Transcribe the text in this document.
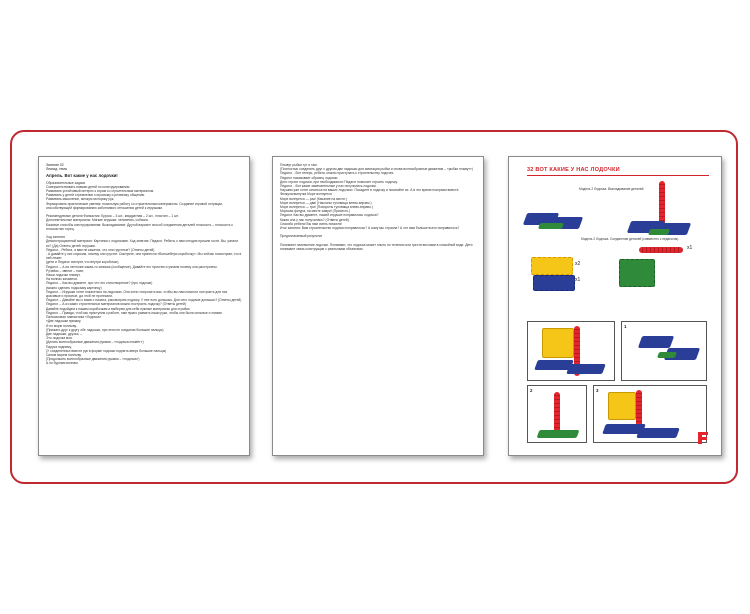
Занятие 02
Лексид. тема
Апрель. Вот какие у нас лодочки!
Образовательные задачи
Совершенствовать навыки детей по конструированию.
Развивать устойчивый интерес к играм со строительным материалом.
Развивать у детей стремление к игровому и речевому общению.
Развивать мышление, мелкую моторику рук.
Формировать практические умения: посильную работу со строительным материалом. Создание игровой ситуации, способствующей формированию заботливого отношения детей к игрушкам.

Рекомендуемые детали Фанкастик: Брусок – 3 шт., квадратная – 2 шт., пластин – 1 шт.
Дополнительные материалы: Мягкие игрушки: человечек, собачка.
Базовые способы конструирования: Выкладывание. Другой вариант способ соединения деталей плоскость – плоскость к плоскостью торец.

Ход занятия
Демонстрационный материал: Картинки с лодочками. Ход занятия. Педагог. Ребята, к нам сегодня пришли гости. Вы, узнали их? (Да) Ответы детей: игрушки.
Педагог. - Ребята, а вам не кажется, что они грустные? (Ответы детей)
- А давайте у них спросим, почему они грустят. Смотрите, они принесли «Волшебную коробочку». Мы сейчас посмотрим, что в ней лежит.
(дети и Педагог смотрят, что внутри коробочки)
Педагог. – А на ленточке какая-то записка (сообщение). Давайте его прочтем и узнаем почему они расстроены.
Ручейки – звенят – поют,
Наши лодочки плывут,
На волнах качаются.
Педагог. – Как вы думаете, про что это стихотворение? (про лодочки)
(можно сделать подсказку картинку)
Педагог. – Игрушки хотят покататься на лодочках. Они хотят попросить вас, чтобы вы нам помогли построить для них красивые и прочные, да чтоб не протекали.
Педагог. – Давайте мы с вами с начала, рассмотрим лодочку. У нее есть донышко. Для чего лодочке донышко? (Ответы детей)
Педагог. – А из каких строительных материалов можно построить лодочку? (Ответы детей)
Давайте подойдем к нашим коробочкам и выберем для себя нужные материалы для стройки.
Педагог. – Правда, чтоб мы приступим к работе, нам нужно размять наши руки, чтобы они были сильные и ловкие.
Пальчиковая гимнастика «Лодочка»
«Две ладошки прижму,
И по морю поплыву.
(Прижать друг к другу обе ладошки, при этом не соединяя большие пальцы)
Две ладошки, друзья, –
Это лодочка моя.
(Делать волнообразные движения руками – «лодочка плывёт»)
Паруса подниму,
(У соединенных вместе рук в форме лодочки поднять вверх большие пальцы)
Синим морем поплыву.
(Продолжить волнообразные движения руками – «лодочка»)
А по бурным волнам
Плывут рыбки тут и там.
(Полностью соединить друг с другом две ладошки для имитации рыбки и снова волнообразные движения – «рыбки плывут»)
Педагог. - Вот теперь, ребята, можно приступать к строительству лодочек.
Педагог показывает образец лодочки.
Дети строят лодочки, при необходимости Педагог помогает строить лодочку.
Педагог. - Вот какие замечательные у нас получились лодочки.
Наушим уже хотят кататься на ваших лодочках. Посадите в лодочку и покатайте их. А в это время поиграем вместе.
Физкультминутка Море волнуется
Море волнуется — раз! (Качание на месте.)
Море волнуется — два! (Наклоны туловища влево-вправо.)
Море волнуется — три! (Повороты туловища влево-вправо.)
Морская фигура, на месте замри! (Присесть.)
Педагог. Как вы думаете, нашей игрушке понравилась лодочка?
Какая она у нас получилась? (Ответы детей).
Спасибо ребята! Вы нам очень помогли!
Итог занятия: Вам строительство лодочки понравилось? А кому мы строили? А что вам больше всего понравилось?

Предполагаемый результат

Понимают назначение лодочки. Понимают, что лодочка может плыть по течению или грести веслами в спокойной воде. Дети понимают связь конструкции с реальными объектами.
32 ВОТ КАКИЕ У НАС ЛОДОЧКИ
Модель 2 Лодочка. Выкладывание деталей.
Модель 2 Лодочка. Соединение деталей (совместно с педагогом).
x1
x2
x1
1
2	3
